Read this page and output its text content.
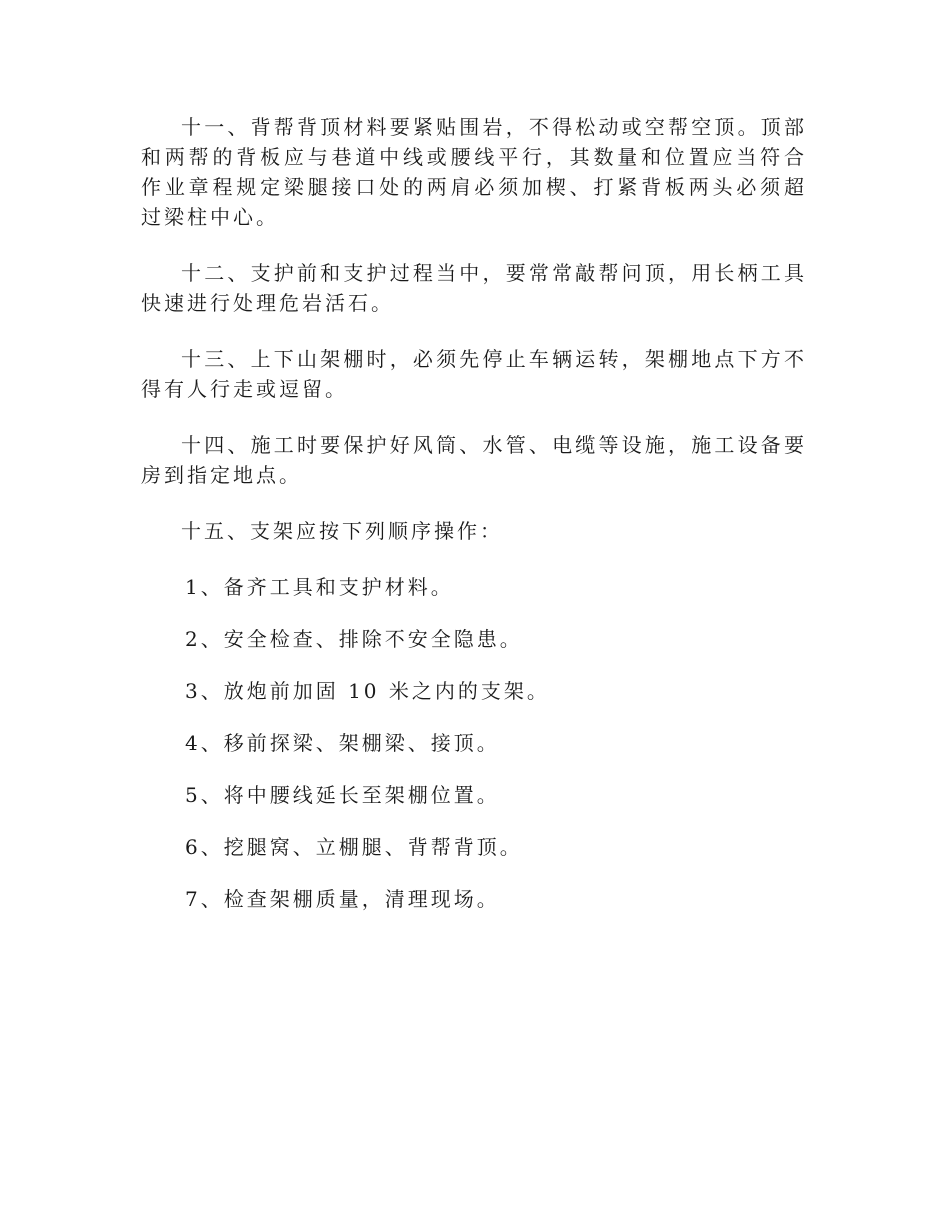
十一、背帮背顶材料要紧贴围岩，不得松动或空帮空顶。顶部和两帮的背板应与巷道中线或腰线平行，其数量和位置应当符合作业章程规定梁腿接口处的两肩必须加楔、打紧背板两头必须超过梁柱中心。

十二、支护前和支护过程当中，要常常敲帮问顶，用长柄工具快速进行处理危岩活石。

十三、上下山架棚时，必须先停止车辆运转，架棚地点下方不得有人行走或逗留。

十四、施工时要保护好风筒、水管、电缆等设施，施工设备要房到指定地点。

十五、支架应按下列顺序操作：

1、备齐工具和支护材料。
2、安全检查、排除不安全隐患。
3、放炮前加固 10 米之内的支架。
4、移前探梁、架棚梁、接顶。
5、将中腰线延长至架棚位置。
6、挖腿窝、立棚腿、背帮背顶。
7、检查架棚质量，清理现场。
